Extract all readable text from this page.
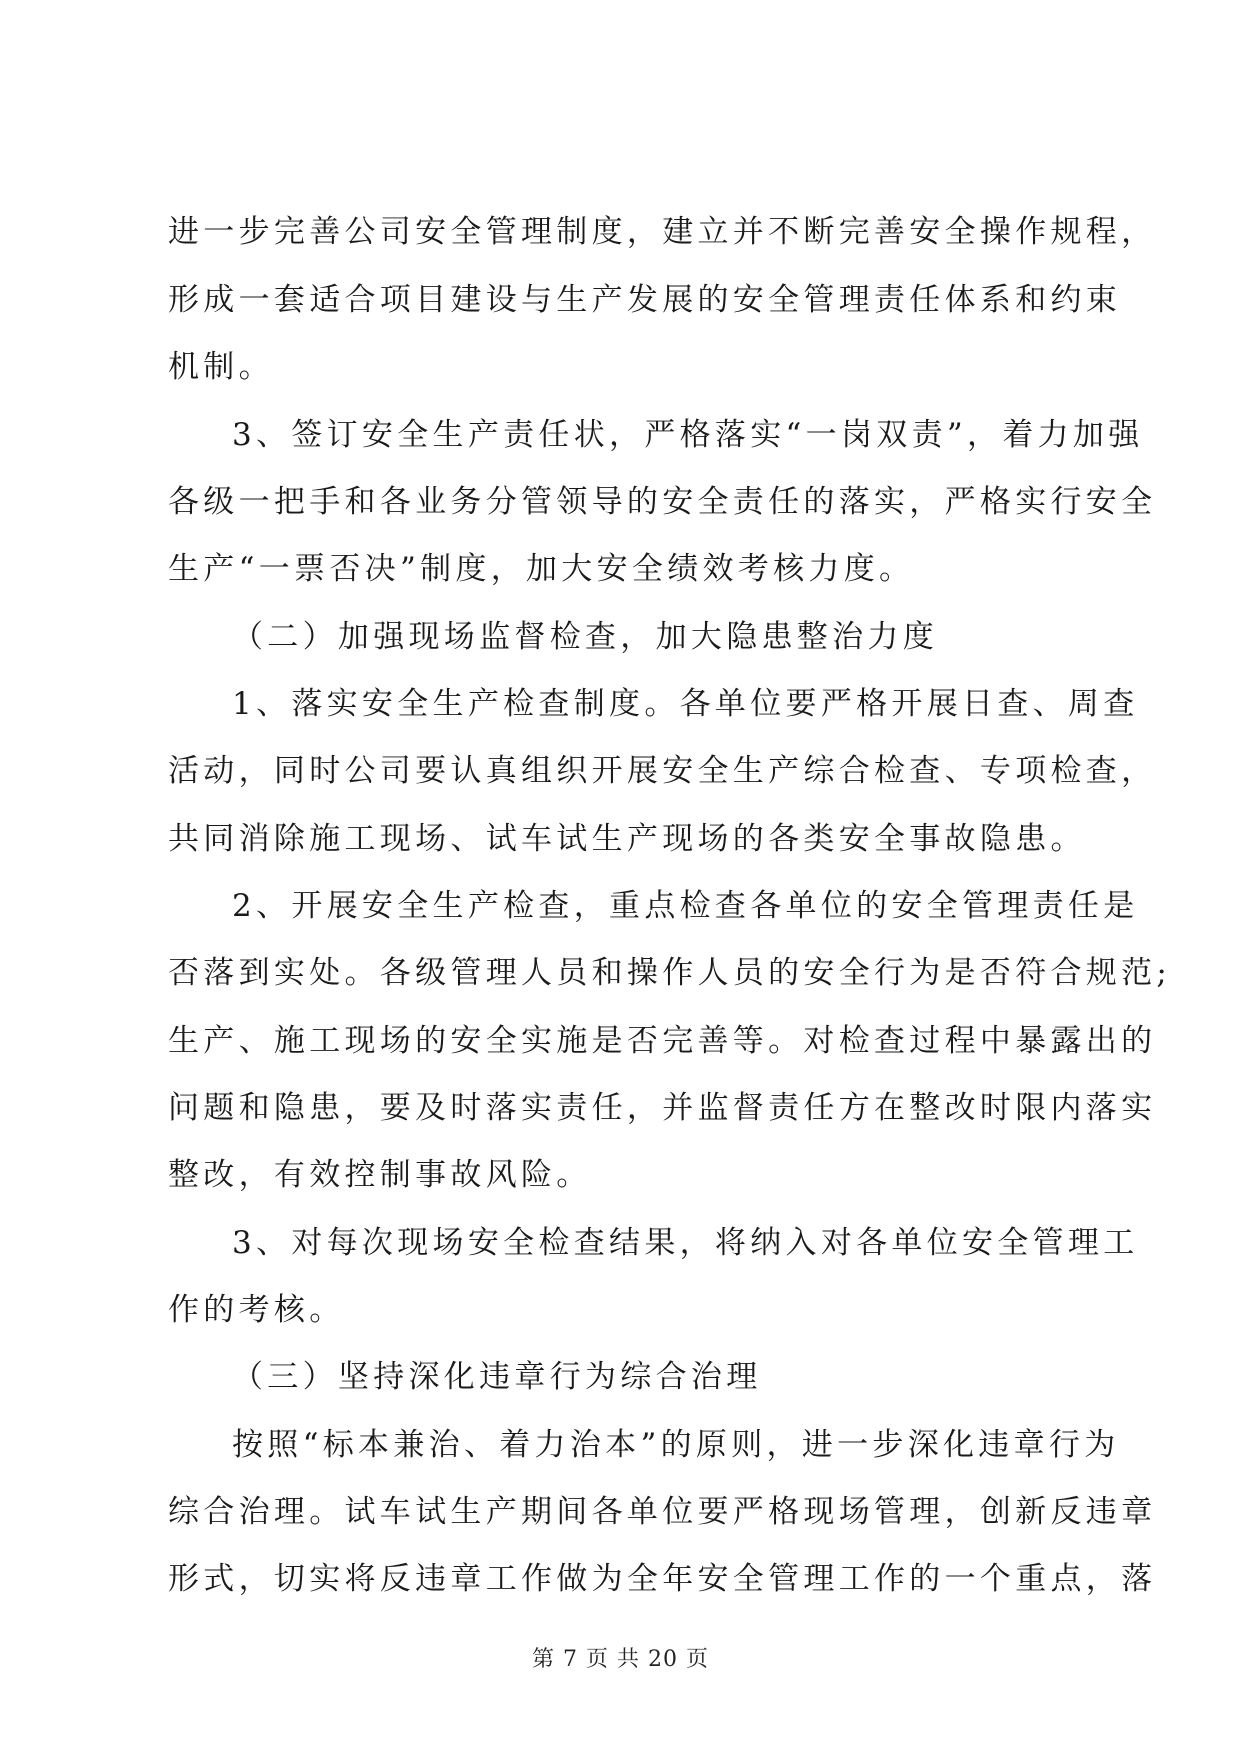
进一步完善公司安全管理制度，建立并不断完善安全操作规程，
形成一套适合项目建设与生产发展的安全管理责任体系和约束
机制。
3、签订安全生产责任状，严格落实“一岗双责”，着力加强
各级一把手和各业务分管领导的安全责任的落实，严格实行安全
生产“一票否决”制度，加大安全绩效考核力度。
（二）加强现场监督检查，加大隐患整治力度
1、落实安全生产检查制度。各单位要严格开展日查、周查
活动，同时公司要认真组织开展安全生产综合检查、专项检查，
共同消除施工现场、试车试生产现场的各类安全事故隐患。
2、开展安全生产检查，重点检查各单位的安全管理责任是
否落到实处。各级管理人员和操作人员的安全行为是否符合规范;
生产、施工现场的安全实施是否完善等。对检查过程中暴露出的
问题和隐患，要及时落实责任，并监督责任方在整改时限内落实
整改，有效控制事故风险。
3、对每次现场安全检查结果，将纳入对各单位安全管理工
作的考核。
（三）坚持深化违章行为综合治理
按照“标本兼治、着力治本”的原则，进一步深化违章行为
综合治理。试车试生产期间各单位要严格现场管理，创新反违章
形式，切实将反违章工作做为全年安全管理工作的一个重点，落
第 7 页 共 20 页
